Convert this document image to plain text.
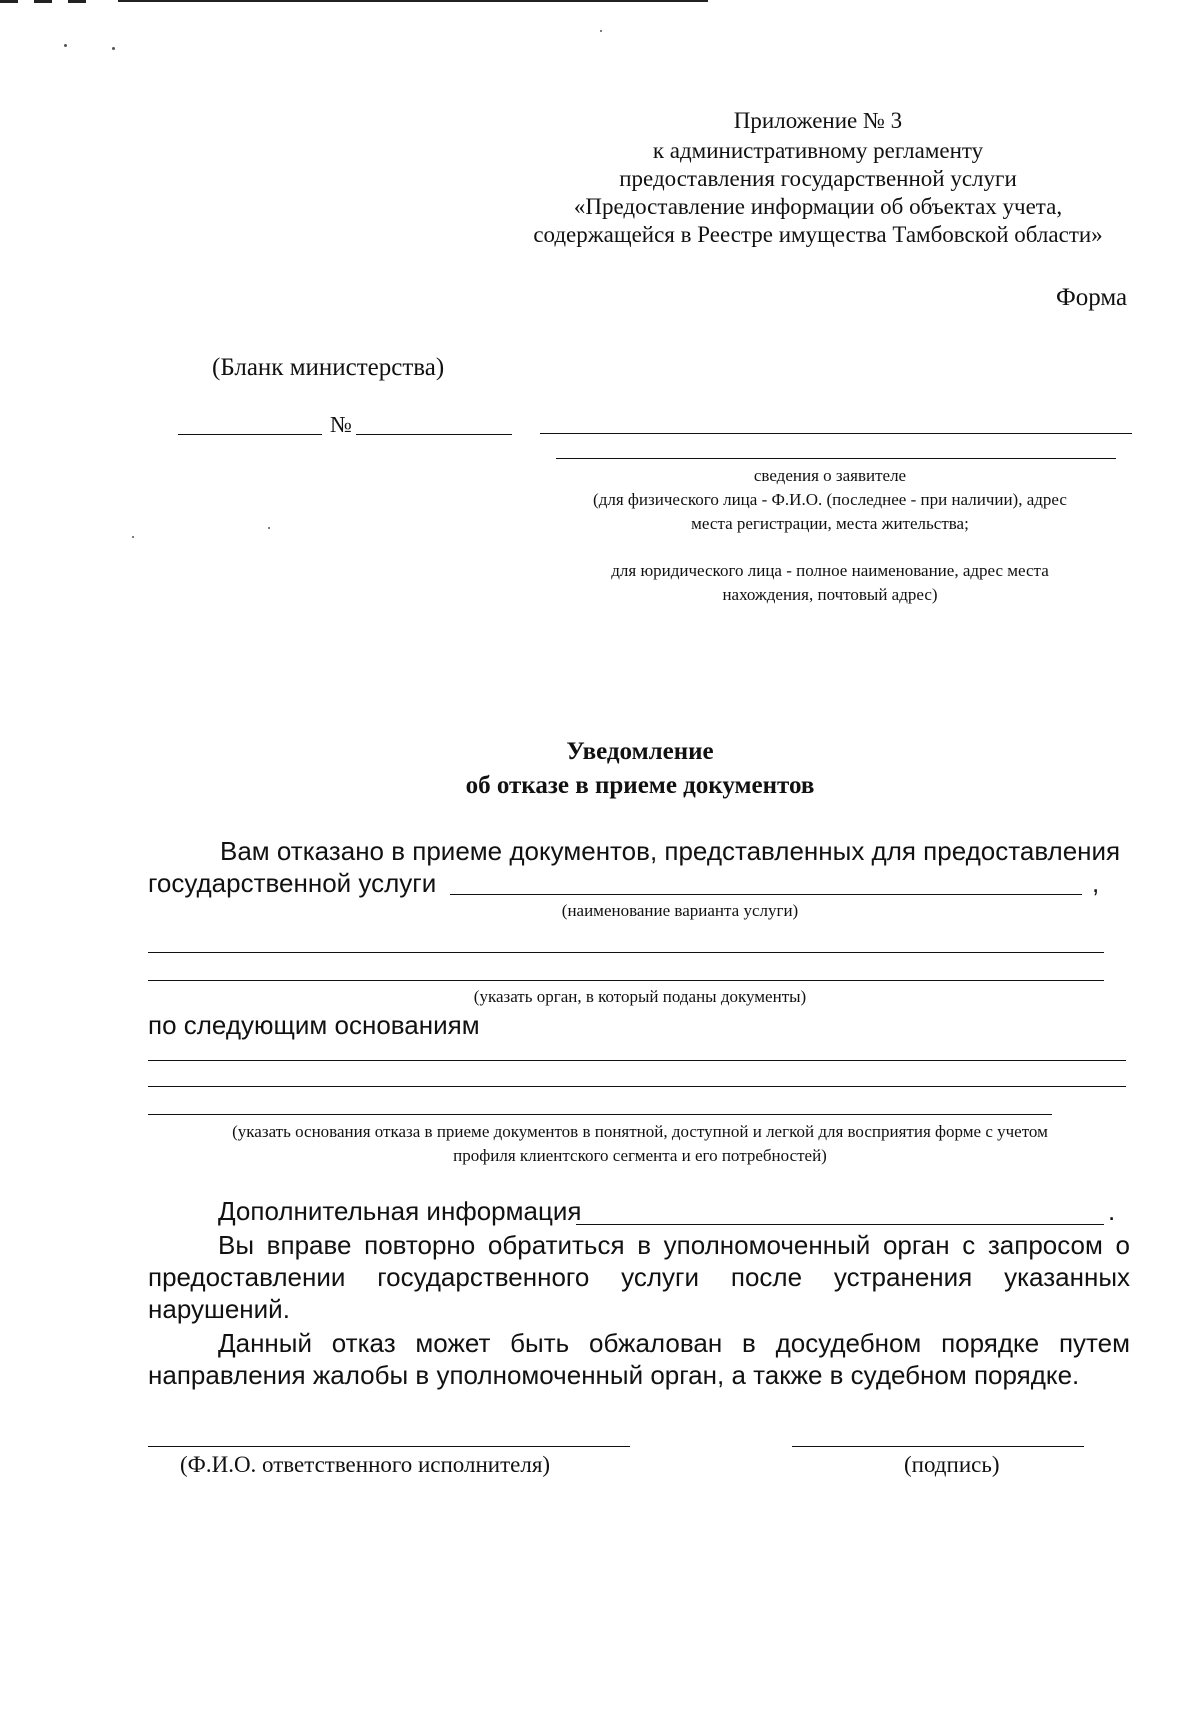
Приложение № 3
к административному регламенту
предоставления государственной услуги
«Предоставление информации об объектах учета,
содержащейся в Реестре имущества Тамбовской области»
Форма
(Бланк министерства)
№
сведения о заявителе
(для физического лица - Ф.И.О. (последнее - при наличии), адрес
места регистрации, места жительства;
для юридического лица - полное наименование, адрес места
нахождения, почтовый адрес)
Уведомление
об отказе в приеме документов
Вам отказано в приеме документов, представленных для предоставления
государственной услуги	,
(наименование варианта услуги)
(указать орган, в который поданы документы)
по следующим основаниям
(указать основания отказа в приеме документов в понятной, доступной и легкой для восприятия форме с учетом
профиля клиентского сегмента и его потребностей)
Дополнительная информация	.
Вы вправе повторно обратиться в уполномоченный орган с запросом о
предоставлении государственного услуги после устранения указанных
нарушений.
Данный отказ может быть обжалован в досудебном порядке путем
направления жалобы в уполномоченный орган, а также в судебном порядке.
(Ф.И.О. ответственного исполнителя)	(подпись)
